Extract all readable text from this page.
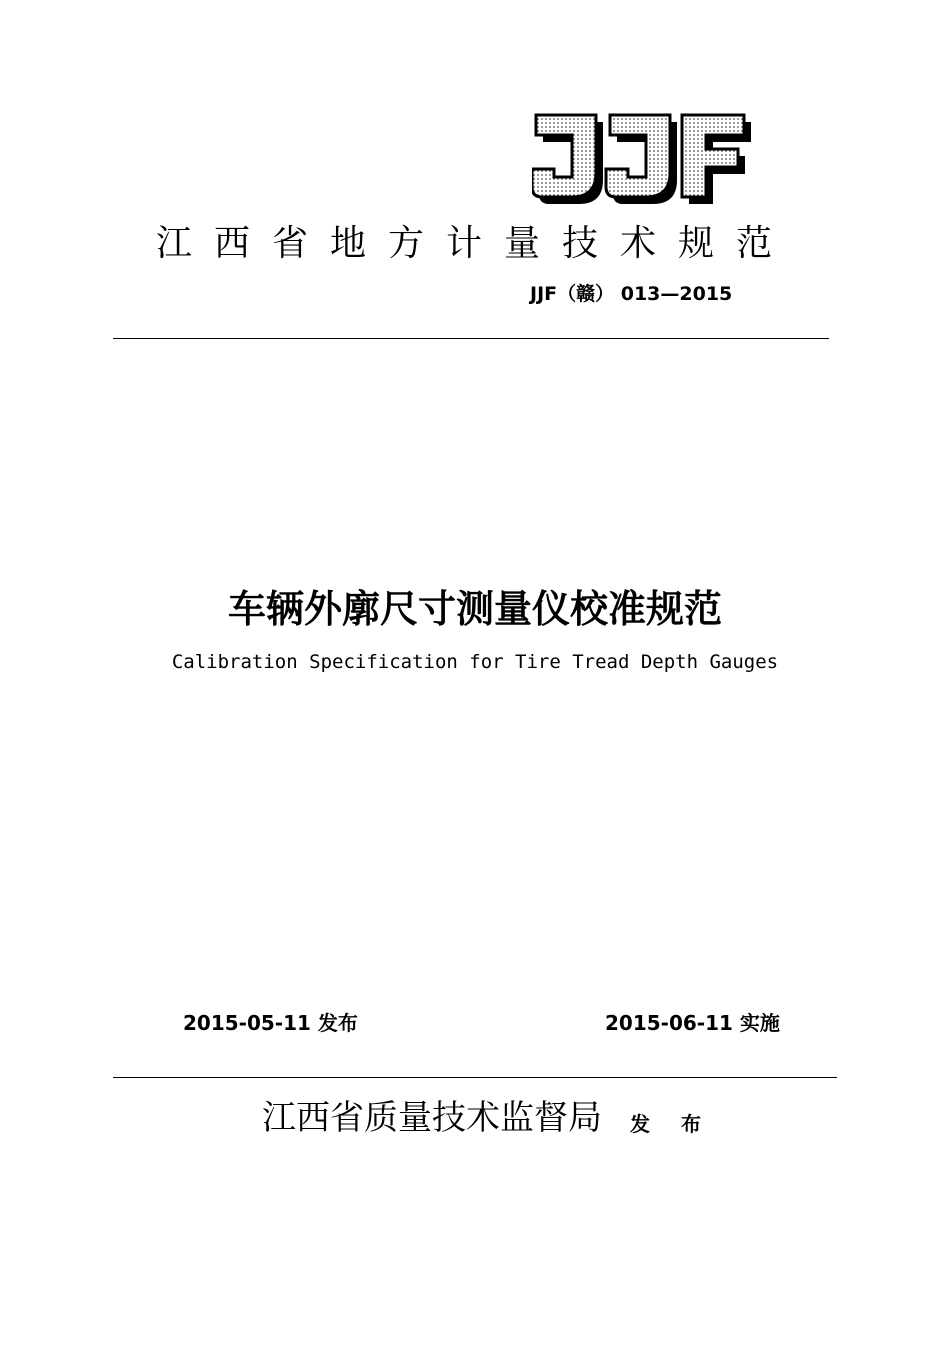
江西省地方计量技术规范
JJF（赣） 013—2015
车辆外廓尺寸测量仪校准规范
Calibration Specification for Tire Tread Depth Gauges
2015-05-11 发布	2015-06-11 实施
江西省质量技术监督局 发 布
